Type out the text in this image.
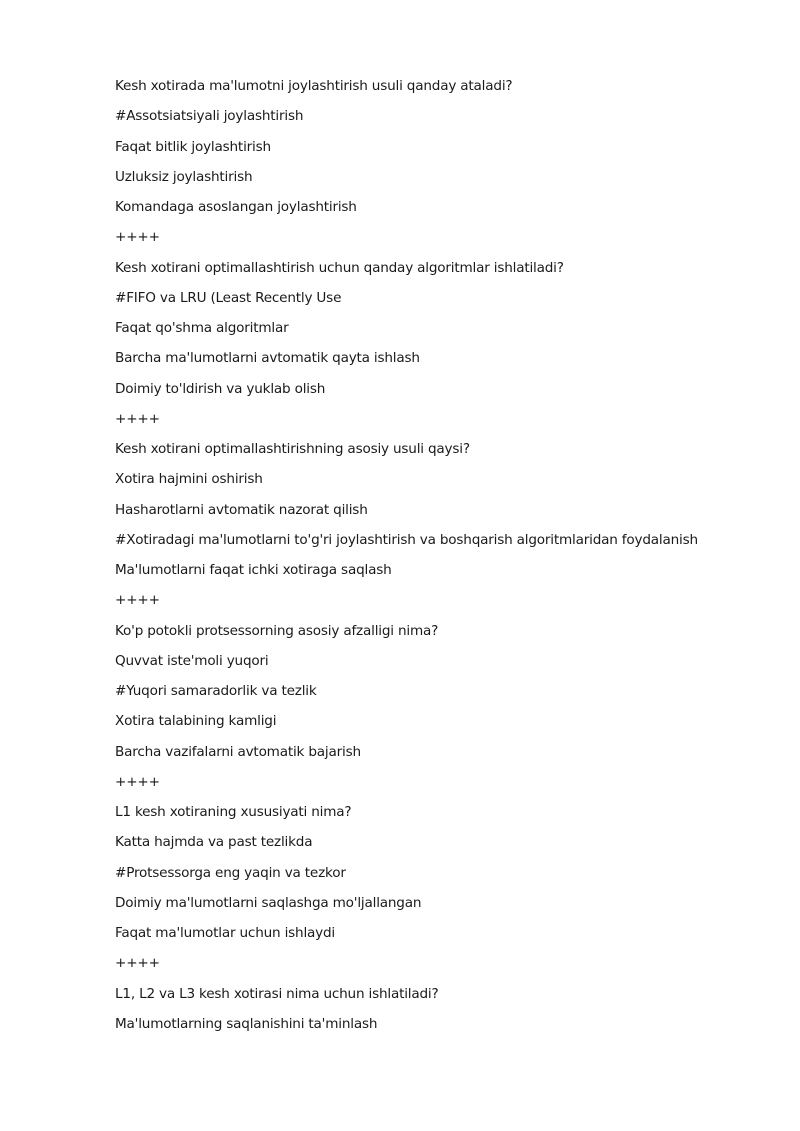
Kesh xotirada ma'lumotni joylashtirish usuli qanday ataladi?
#Assotsiatsiyali joylashtirish
Faqat bitlik joylashtirish
Uzluksiz joylashtirish
Komandaga asoslangan joylashtirish
++++
Kesh xotirani optimallashtirish uchun qanday algoritmlar ishlatiladi?
#FIFO va LRU (Least Recently Use
Faqat qo'shma algoritmlar
Barcha ma'lumotlarni avtomatik qayta ishlash
Doimiy to'ldirish va yuklab olish
++++
Kesh xotirani optimallashtirishning asosiy usuli qaysi?
Xotira hajmini oshirish
Hasharotlarni avtomatik nazorat qilish
#Xotiradagi ma'lumotlarni to'g'ri joylashtirish va boshqarish algoritmlaridan foydalanish
Ma'lumotlarni faqat ichki xotiraga saqlash
++++
Ko'p potokli protsessorning asosiy afzalligi nima?
Quvvat iste'moli yuqori
#Yuqori samaradorlik va tezlik
Xotira talabining kamligi
Barcha vazifalarni avtomatik bajarish
++++
L1 kesh xotiraning xususiyati nima?
Katta hajmda va past tezlikda
#Protsessorga eng yaqin va tezkor
Doimiy ma'lumotlarni saqlashga mo'ljallangan
Faqat ma'lumotlar uchun ishlaydi
++++
L1, L2 va L3 kesh xotirasi nima uchun ishlatiladi?
Ma'lumotlarning saqlanishini ta'minlash
